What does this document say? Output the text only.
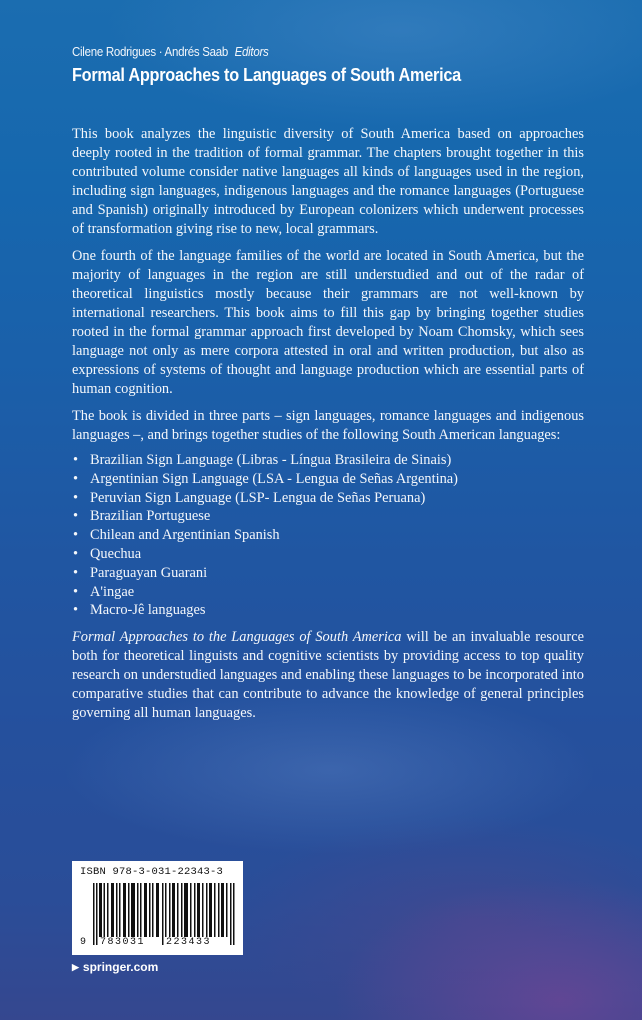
Cilene Rodrigues · Andrés Saab Editors
Formal Approaches to Languages of South America

This book analyzes the linguistic diversity of South America based on approaches deeply rooted in the tradition of formal grammar. The chapters brought together in this contributed volume consider native languages all kinds of languages used in the region, including sign languages, indigenous languages and the romance languages (Portuguese and Spanish) originally introduced by European colonizers which underwent processes of transformation giving rise to new, local grammars.

One fourth of the language families of the world are located in South America, but the majority of languages in the region are still understudied and out of the radar of theoretical linguistics mostly because their grammars are not well-known by international researchers. This book aims to fill this gap by bringing together studies rooted in the formal grammar approach first developed by Noam Chomsky, which sees language not only as mere corpora attested in oral and written production, but also as expressions of systems of thought and language production which are essential parts of human cognition.

The book is divided in three parts – sign languages, romance languages and indigenous languages –, and brings together studies of the following South American languages:

• Brazilian Sign Language (Libras - Língua Brasileira de Sinais)
• Argentinian Sign Language (LSA - Lengua de Señas Argentina)
• Peruvian Sign Language (LSP- Lengua de Señas Peruana)
• Brazilian Portuguese
• Chilean and Argentinian Spanish
• Quechua
• Paraguayan Guarani
• A'ingae
• Macro-Jê languages

Formal Approaches to the Languages of South America will be an invaluable resource both for theoretical linguists and cognitive scientists by providing access to top quality research on understudied languages and enabling these languages to be incorporated into comparative studies that can contribute to advance the knowledge of general principles governing all human languages.

ISBN 978-3-031-22343-3
9 783031 223433
▶ springer.com
